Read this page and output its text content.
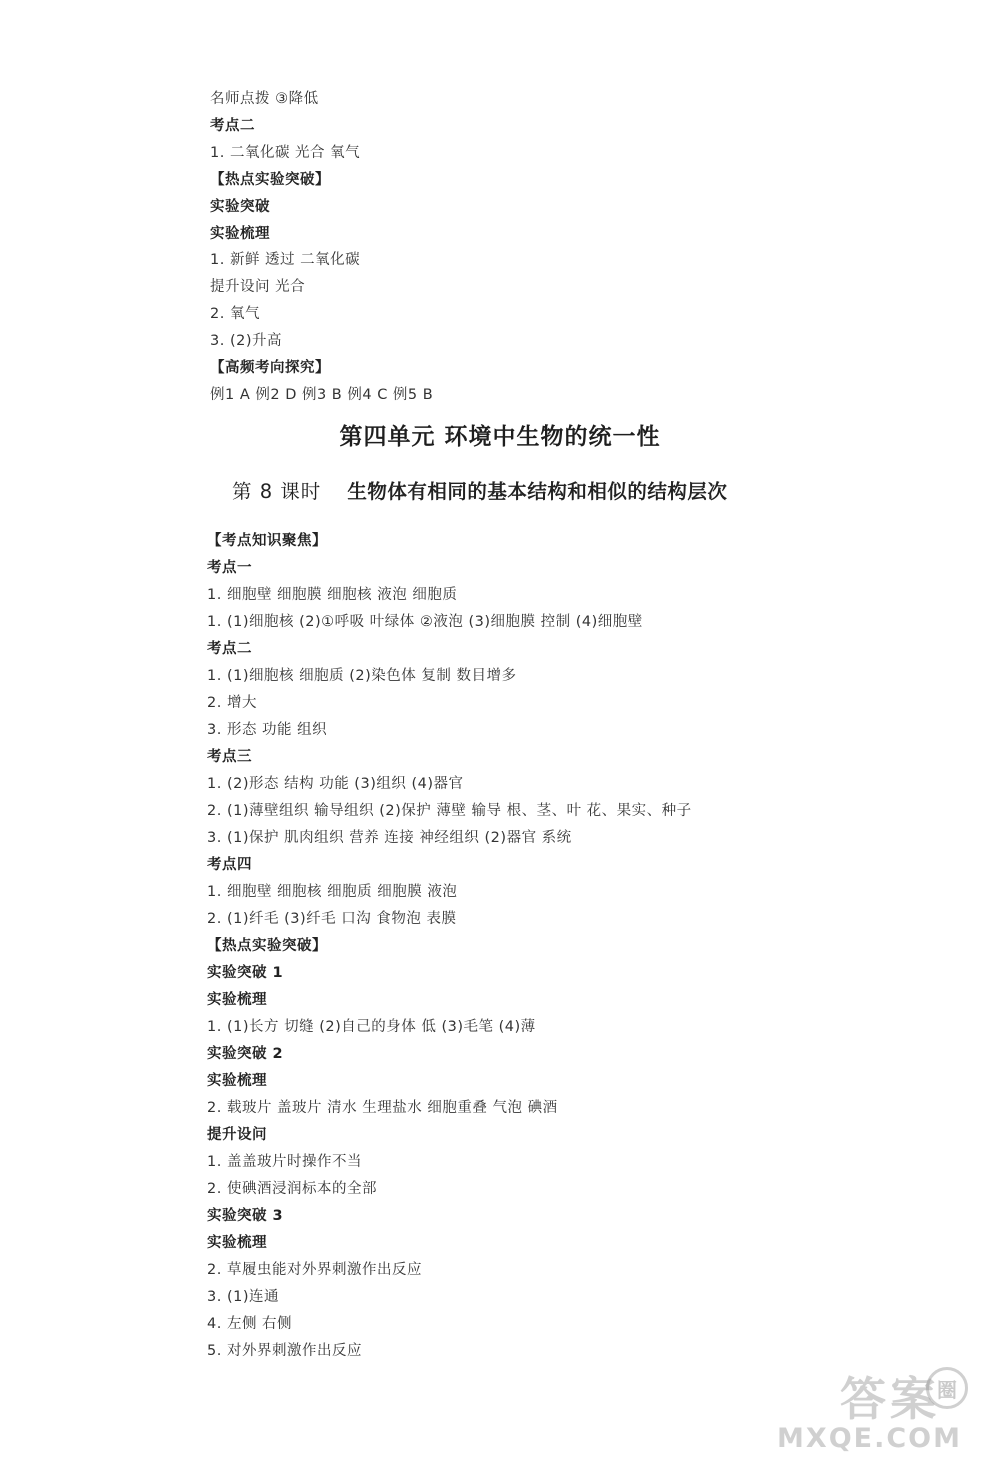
名师点拨 ③降低
考点二
1. 二氧化碳 光合 氧气
【热点实验突破】
实验突破
实验梳理
1. 新鲜 透过 二氧化碳
提升设问 光合
2. 氧气
3. (2)升高
【高频考向探究】
例1 A 例2 D 例3 B 例4 C 例5 B
第四单元 环境中生物的统一性
第 8 课时 生物体有相同的基本结构和相似的结构层次
【考点知识聚焦】
考点一
1. 细胞壁 细胞膜 细胞核 液泡 细胞质
1. (1)细胞核 (2)①呼吸 叶绿体 ②液泡 (3)细胞膜 控制 (4)细胞壁
考点二
1. (1)细胞核 细胞质 (2)染色体 复制 数目增多
2. 增大
3. 形态 功能 组织
考点三
1. (2)形态 结构 功能 (3)组织 (4)器官
2. (1)薄壁组织 输导组织 (2)保护 薄壁 输导 根、茎、叶 花、果实、种子
3. (1)保护 肌肉组织 营养 连接 神经组织 (2)器官 系统
考点四
1. 细胞壁 细胞核 细胞质 细胞膜 液泡
2. (1)纤毛 (3)纤毛 口沟 食物泡 表膜
【热点实验突破】
实验突破 1
实验梳理
1. (1)长方 切缝 (2)自己的身体 低 (3)毛笔 (4)薄
实验突破 2
实验梳理
2. 载玻片 盖玻片 清水 生理盐水 细胞重叠 气泡 碘酒
提升设问
1. 盖盖玻片时操作不当
2. 使碘酒浸润标本的全部
实验突破 3
实验梳理
2. 草履虫能对外界刺激作出反应
3. (1)连通
4. 左侧 右侧
5. 对外界刺激作出反应
答案
圈
MXQE.COM
